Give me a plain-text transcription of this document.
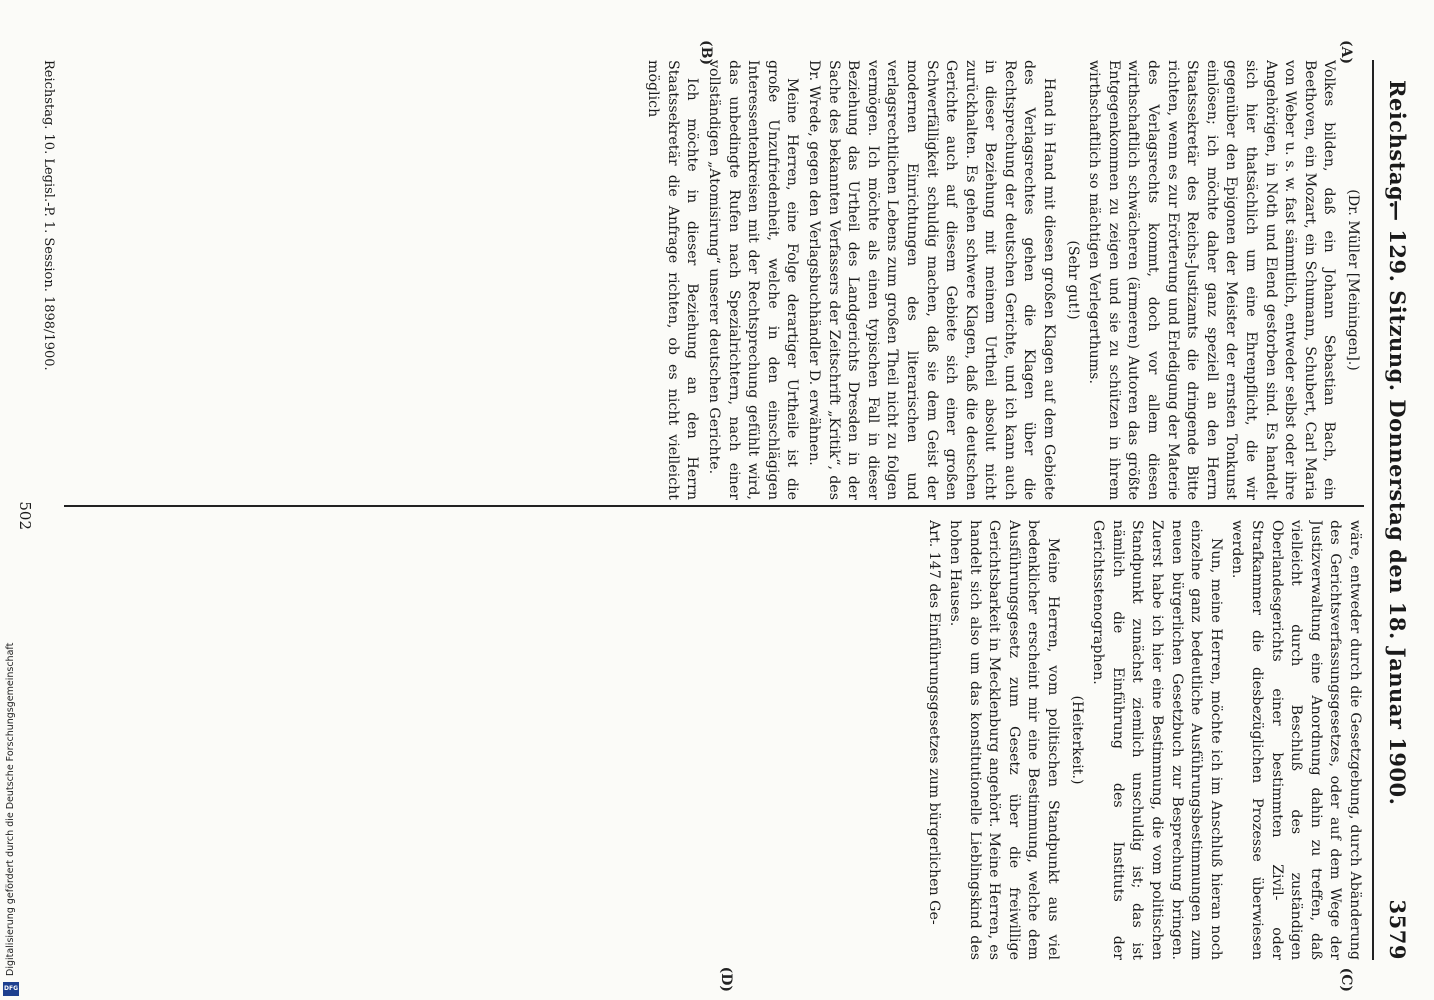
Reichstag.
— 129. Sitzung. Donnerstag den 18. Januar 1900.
3579
(A)
(B)
(C)
(D)

(Dr. Müller [Meiningen].)

Volkes bilden, daß ein Johann Sebastian Bach, ein Beethoven, ein Mozart, ein Schumann, Schubert, Carl Maria von Weber u. s. w. fast sämmtlich, entweder selbst oder ihre Angehörigen, in Noth und Elend gestorben sind. Es handelt sich hier thatsächlich um eine Ehrenpflicht, die wir gegenüber den Epigonen der Meister der ernsten Tonkunst einlösen; ich möchte daher ganz speziell an den Herrn Staatssekretär des Reichs-Justizamts die dringende Bitte richten, wenn es zur Erörterung und Erledigung der Materie des Verlagsrechts kommt, doch vor allem diesen wirthschaftlich schwächeren (ärmeren) Autoren das größte Entgegenkommen zu zeigen und sie zu schützen in ihrem wirthschaftlich so mächtigen Verlegerthums.

(Sehr gut!)

Hand in Hand mit diesen großen Klagen auf dem Gebiete des Verlagsrechtes gehen die Klagen über die Rechtsprechung der deutschen Gerichte, und ich kann auch in dieser Beziehung mit meinem Urtheil absolut nicht zurückhalten. Es gehen schwere Klagen, daß die deutschen Gerichte auch auf diesem Gebiete sich einer großen Schwerfälligkeit schuldig machen, daß sie dem Geist der modernen Einrichtungen des literarischen und verlagsrechtlichen Lebens zum großen Theil nicht zu folgen vermögen. Ich möchte als einen typischen Fall in dieser Beziehung das Urtheil des Landgerichts Dresden in der Sache des bekannten Verfassers der Zeitschrift „Kritik“, des Dr. Wrede, gegen den Verlagsbuchhändler D. erwähnen.

Meine Herren, eine Folge derartiger Urtheile ist die große Unzufriedenheit, welche in den einschlägigen Interessentenkreisen mit der Rechtsprechung gefühlt wird, das unbedingte Rufen nach Spezialrichtern, nach einer vollständigen „Atomisirung“ unserer deutschen Gerichte.

Ich möchte in dieser Beziehung an den Herrn Staatssekretär die Anfrage richten, ob es nicht vielleicht möglich

wäre, entweder durch die Gesetzgebung, durch Abänderung des Gerichtsverfassungsgesetzes, oder auf dem Wege der Justizverwaltung eine Anordnung dahin zu treffen, daß vielleicht durch Beschluß des zuständigen Oberlandesgerichts einer bestimmten Zivil- oder Strafkammer die diesbezüglichen Prozesse überwiesen werden.

Nun, meine Herren, möchte ich im Anschluß hieran noch einzelne ganz bedeutliche Ausführungsbestimmungen zum neuen bürgerlichen Gesetzbuch zur Besprechung bringen. Zuerst habe ich hier eine Bestimmung, die vom politischen Standpunkt zunächst ziemlich unschuldig ist; das ist nämlich die Einführung des Instituts der Gerichtsstenographen.

(Heiterkeit.)

Meine Herren, vom politischen Standpunkt aus viel bedenklicher erscheint mir eine Bestimmung, welche dem Ausführungsgesetz zum Gesetz über die freiwillige Gerichtsbarkeit in Mecklenburg angehört. Meine Herren, es handelt sich also um das konstitutionelle Lieblingskind des hohen Hauses.

Art. 147 des Einführungsgesetzes zum bürgerlichen Ge-

Reichstag. 10. Legisl.-P. 1. Session. 1898/1900.
502
Digitalisierung gefördert durch die Deutsche Forschungsgemeinschaft
DFG
